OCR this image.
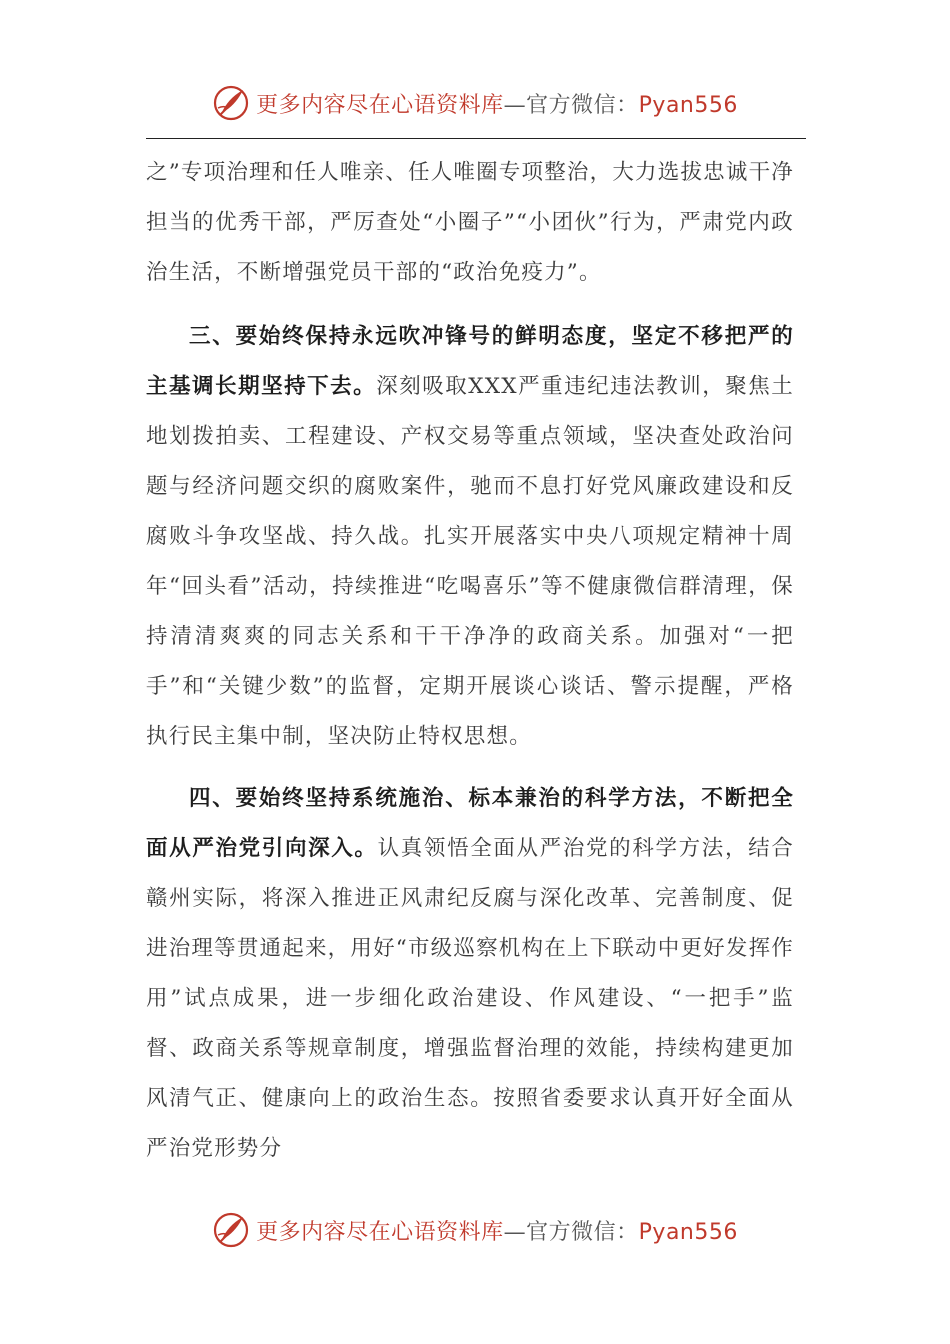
更多内容尽在心语资料库—官方微信：Pyan556

之”专项治理和任人唯亲、任人唯圈专项整治，大力选拔忠诚干净担当的优秀干部，严厉查处“小圈子”“小团伙”行为，严肃党内政治生活，不断增强党员干部的“政治免疫力”。

三、要始终保持永远吹冲锋号的鲜明态度，坚定不移把严的主基调长期坚持下去。深刻吸取XXX严重违纪违法教训，聚焦土地划拨拍卖、工程建设、产权交易等重点领域，坚决查处政治问题与经济问题交织的腐败案件，驰而不息打好党风廉政建设和反腐败斗争攻坚战、持久战。扎实开展落实中央八项规定精神十周年“回头看”活动，持续推进“吃喝喜乐”等不健康微信群清理，保持清清爽爽的同志关系和干干净净的政商关系。加强对“一把手”和“关键少数”的监督，定期开展谈心谈话、警示提醒，严格执行民主集中制，坚决防止特权思想。

四、要始终坚持系统施治、标本兼治的科学方法，不断把全面从严治党引向深入。认真领悟全面从严治党的科学方法，结合赣州实际，将深入推进正风肃纪反腐与深化改革、完善制度、促进治理等贯通起来，用好“市级巡察机构在上下联动中更好发挥作用”试点成果，进一步细化政治建设、作风建设、“一把手”监督、政商关系等规章制度，增强监督治理的效能，持续构建更加风清气正、健康向上的政治生态。按照省委要求认真开好全面从严治党形势分

更多内容尽在心语资料库—官方微信：Pyan556
